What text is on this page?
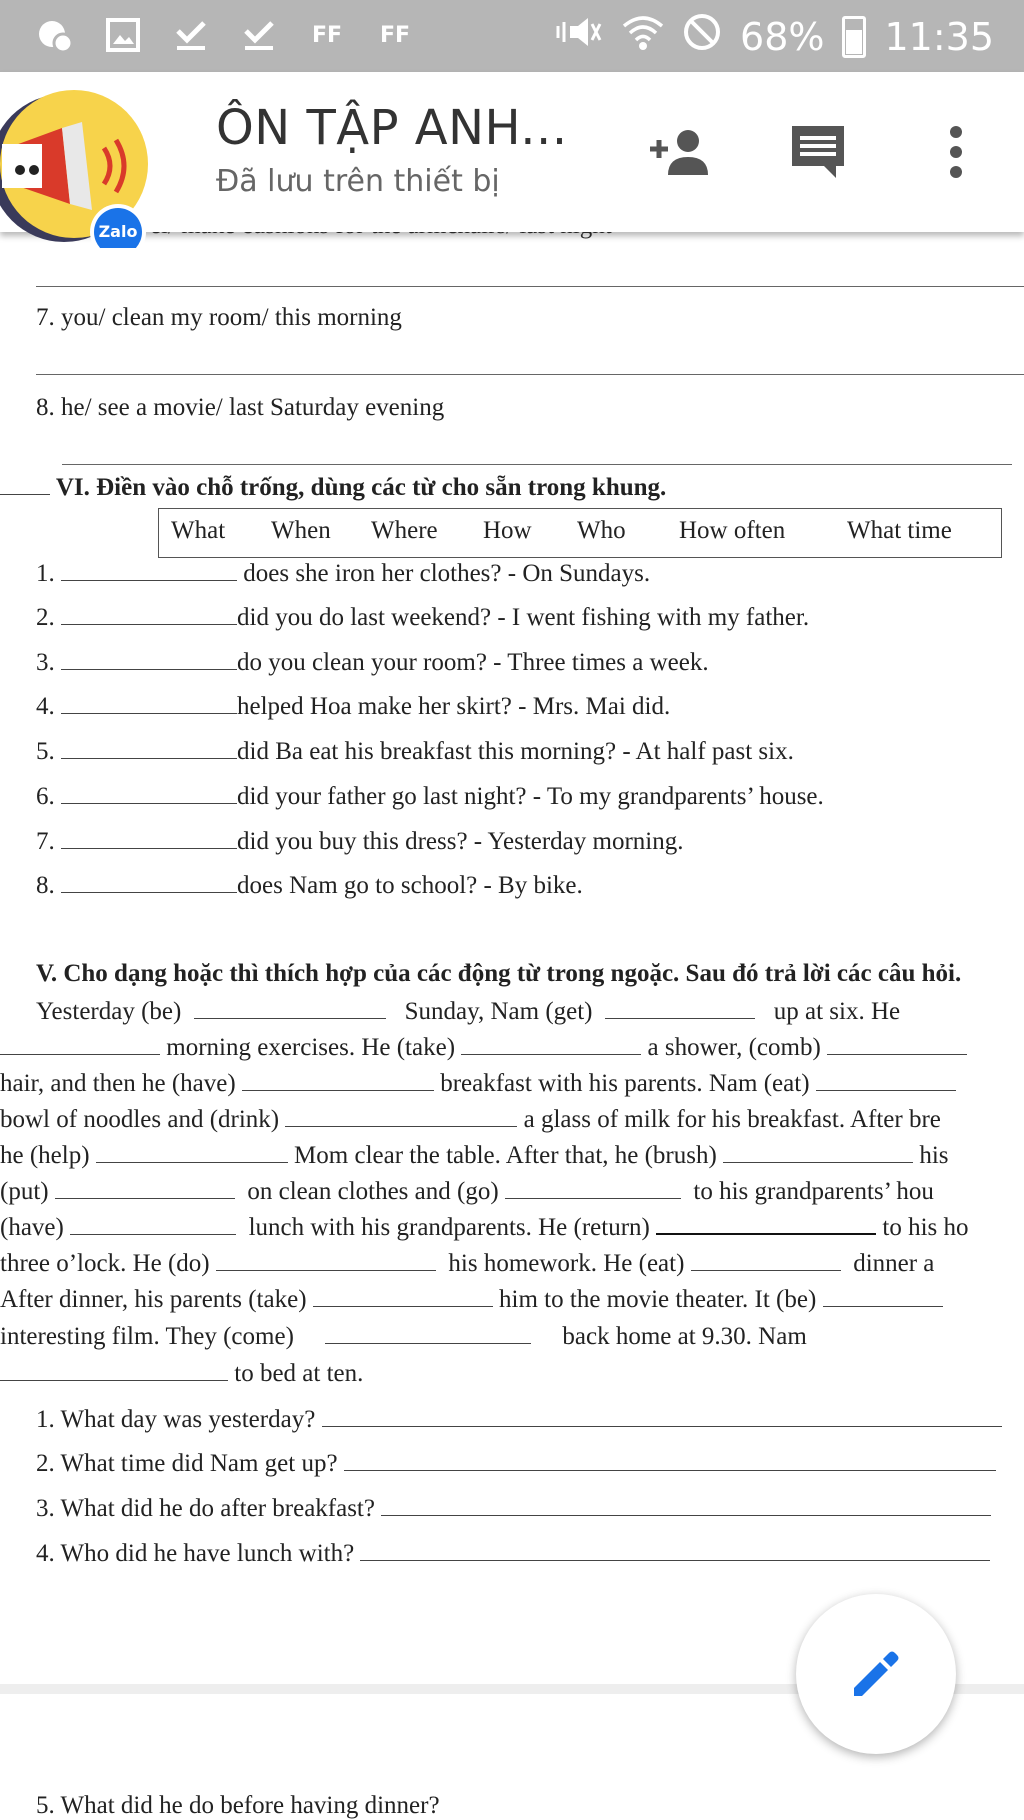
FF FF	68% 11:35
ÔN TẬP ANH...
Đã lưu trên thiết bị
Zalo
7. you/ clean my room/ this morning
8. he/ see a movie/ last Saturday evening
VI. Điền vào chỗ trống, dùng các từ cho sẵn trong khung.
What When Where How Who How often What time
1.	does she iron her clothes? - On Sundays.
2.	did you do last weekend? - I went fishing with my father.
3.	do you clean your room? - Three times a week.
4.	helped Hoa make her skirt? - Mrs. Mai did.
5.	did Ba eat his breakfast this morning? - At half past six.
6.	did your father go last night? - To my grandparents’ house.
7.	did you buy this dress? - Yesterday morning.
8.	does Nam go to school? - By bike.
V. Cho dạng hoặc thì thích hợp của các động từ trong ngoặc. Sau đó trả lời các câu hỏi.
Yesterday (be)	Sunday, Nam (get)	up at six. He
morning exercises. He (take)	a shower, (comb)
hair, and then he (have)	breakfast with his parents. Nam (eat)
bowl of noodles and (drink)	a glass of milk for his breakfast. After bre
he (help)	Mom clear the table. After that, he (brush)	his
(put)	on clean clothes and (go)	to his grandparents’ hou
(have)	lunch with his grandparents. He (return)	to his ho
three o’lock. He (do)	his homework. He (eat)	dinner a
After dinner, his parents (take)	him to the movie theater. It (be)
interesting film. They (come)	back home at 9.30. Nam
to bed at ten.
1. What day was yesterday?
2. What time did Nam get up?
3. What did he do after breakfast?
4. Who did he have lunch with?
5. What did he do before having dinner?
